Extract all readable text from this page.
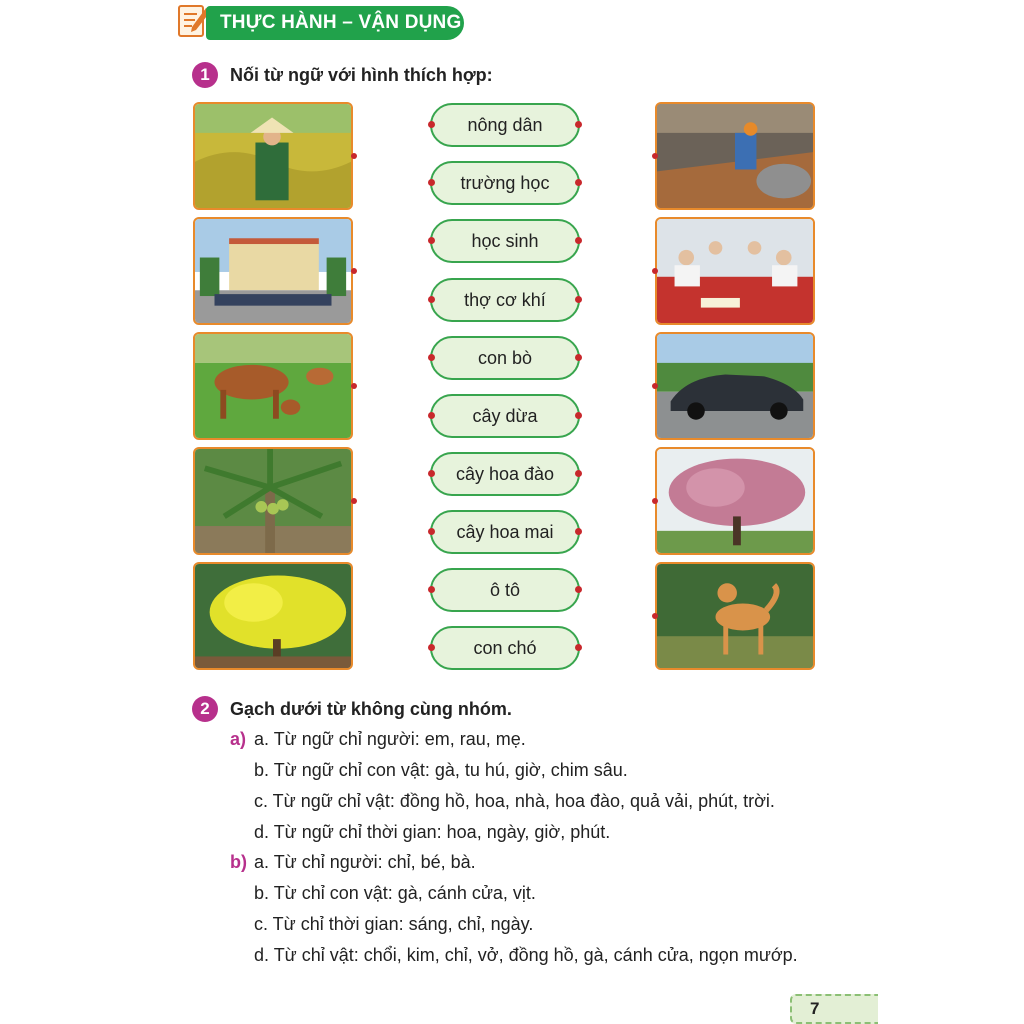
THỰC HÀNH – VẬN DỤNG
1	Nối từ ngữ với hình thích hợp:
nông dân
trường học
học sinh
thợ cơ khí
con bò
cây dừa
cây hoa đào
cây hoa mai
ô tô
con chó
2	Gạch dưới từ không cùng nhóm.
a) a. Từ ngữ chỉ người: em, rau, mẹ.
b. Từ ngữ chỉ con vật: gà, tu hú, giờ, chim sâu.
c. Từ ngữ chỉ vật: đồng hồ, hoa, nhà, hoa đào, quả vải, phút, trời.
d. Từ ngữ chỉ thời gian: hoa, ngày, giờ, phút.
b) a. Từ chỉ người: chỉ, bé, bà.
b. Từ chỉ con vật: gà, cánh cửa, vịt.
c. Từ chỉ thời gian: sáng, chỉ, ngày.
d. Từ chỉ vật: chổi, kim, chỉ, vở, đồng hồ, gà, cánh cửa, ngọn mướp.
7
